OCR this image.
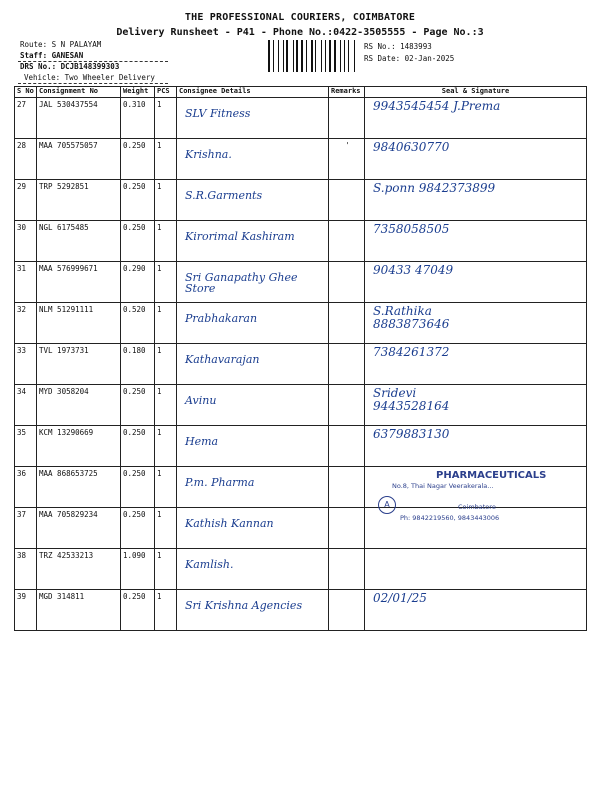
THE PROFESSIONAL COURIERS, COIMBATORE
Delivery Runsheet - P41 - Phone No.:0422-3505555 - Page No.:3
Route: S N PALAYAM
Staff: GANESAN
DRS No.: DCJB148399303
Vehicle: Two Wheeler Delivery
RS No.: 1483993
RS Date: 02-Jan-2025
S No	Consignment No	Weight	PCS	Consignee Details	Remarks	Seal & Signature

27	JAL 530437554	0.310	1	SLV Fitness		9943545454 J.Prema

28	MAA 705575057	0.250	1	Krishna.	'	9840630770

29	TRP 5292851	0.250	1	S.R.Garments		S.ponn 9842373899

30	NGL 6175485	0.250	1	Kirorimal Kashiram		7358058505

31	MAA 576999671	0.290	1	Sri Ganapathy Ghee Store		90433 47049

32	NLM 51291111	0.520	1	Prabhakaran		S.Rathika
8883873646

33	TVL 1973731	0.180	1	Kathavarajan		7384261372

34	MYD 3058204	0.250	1	Avinu		Sridevi
9443528164

35	KCM 13290669	0.250	1	Hema		6379883130

36	MAA 868653725	0.250	1	P.m. Pharma		

37	MAA 705829234	0.250	1	Kathish Kannan		

38	TRZ 42533213	1.090	1	Kamlish.		

39	MGD 314811	0.250	1	Sri Krishna Agencies		02/01/25
PHARMACEUTICALS
No.8, Thai Nagar Veerakerala...
Coimbatore
A
Ph: 9842219560, 9843443006
